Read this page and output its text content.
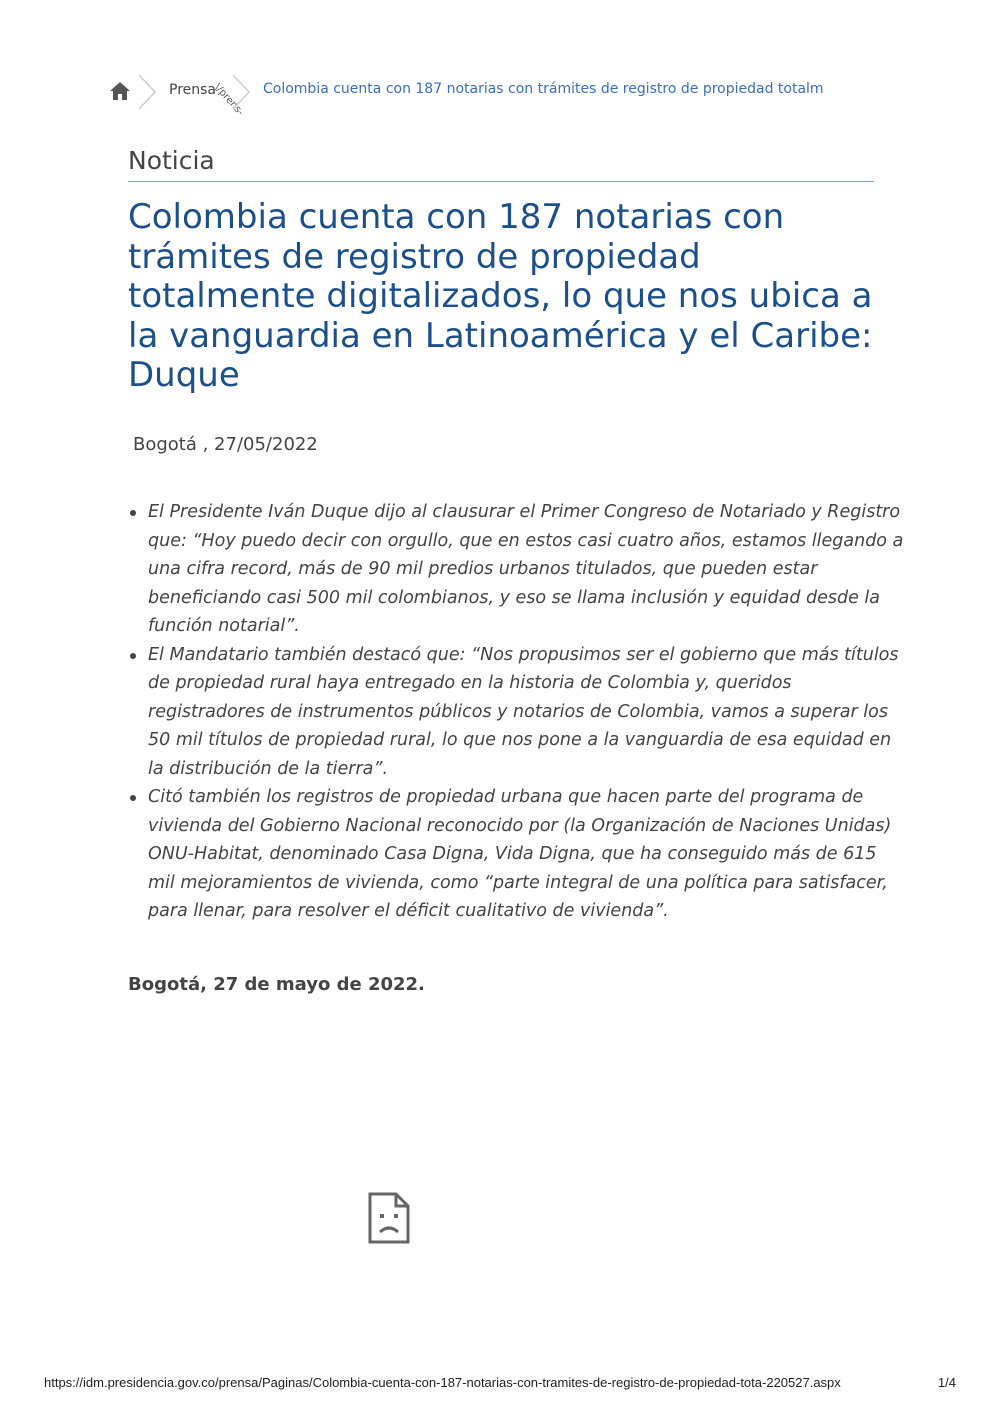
Prensa
\/prens- Colombia cuenta con 187 notarias con trámites de registro de propiedad totalm
Noticia
Colombia cuenta con 187 notarias con trámites de registro de propiedad totalmente digitalizados, lo que nos ubica a la vanguardia en Latinoamérica y el Caribe: Duque
Bogotá , 27/05/2022
El Presidente Iván Duque dijo al clausurar el Primer Congreso de Notariado y Registro que: “Hoy puedo decir con orgullo, que en estos casi cuatro años, estamos llegando a una cifra record, más de 90 mil predios urbanos titulados, que pueden estar beneficiando casi 500 mil colombianos, y eso se llama inclusión y equidad desde la función notarial”.
El Mandatario también destacó que: “Nos propusimos ser el gobierno que más títulos de propiedad rural haya entregado en la historia de Colombia y, queridos registradores de instrumentos públicos y notarios de Colombia, vamos a superar los 50 mil títulos de propiedad rural, lo que nos pone a la vanguardia de esa equidad en la distribución de la tierra”.
Citó también los registros de propiedad urbana que hacen parte del programa de vivienda del Gobierno Nacional reconocido por (la Organización de Naciones Unidas) ONU-Habitat, denominado Casa Digna, Vida Digna, que ha conseguido más de 615 mil mejoramientos de vivienda, como “parte integral de una política para satisfacer, para llenar, para resolver el déficit cualitativo de vivienda”.
Bogotá, 27 de mayo de 2022.
https://idm.presidencia.gov.co/prensa/Paginas/Colombia-cuenta-con-187-notarias-con-tramites-de-registro-de-propiedad-tota-220527.aspx	1/4
